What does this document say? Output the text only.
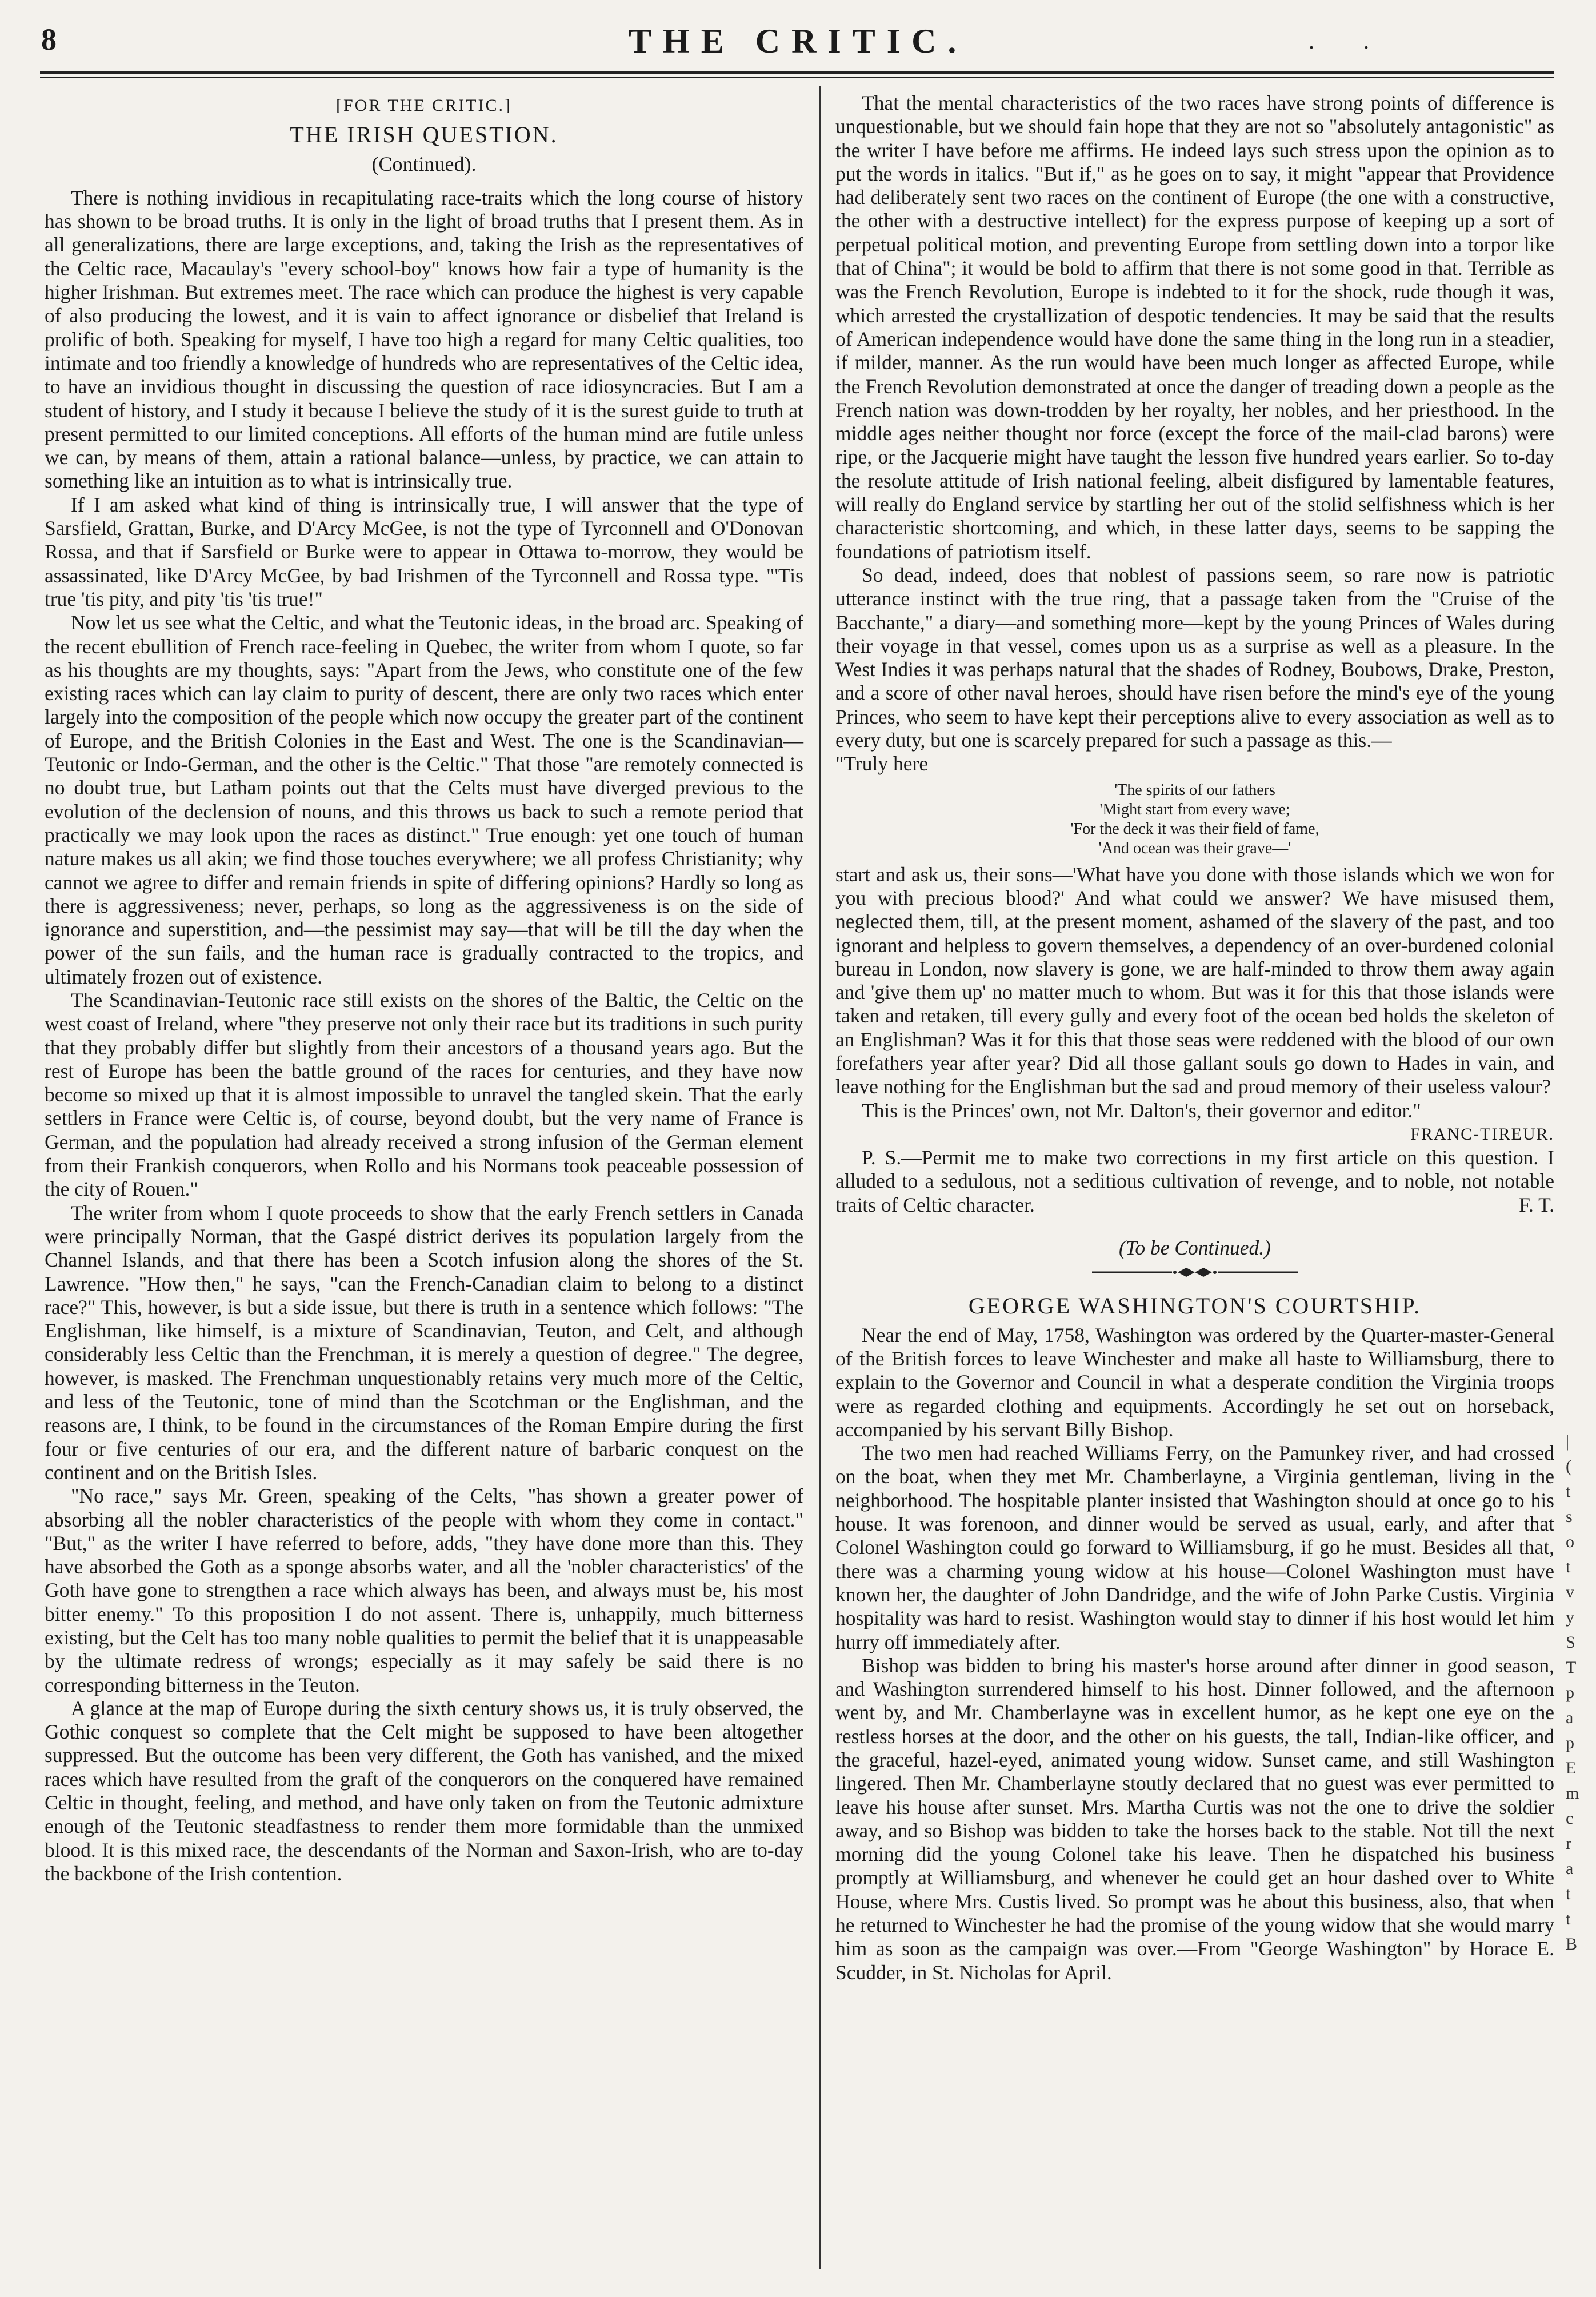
8	THE CRITIC.	. .
[FOR THE CRITIC.]
THE IRISH QUESTION.
(Continued).

There is nothing invidious in recapitulating race-traits which the long course of history has shown to be broad truths. It is only in the light of broad truths that I present them. As in all generalizations, there are large exceptions, and, taking the Irish as the representatives of the Celtic race, Macaulay's "every school-boy" knows how fair a type of humanity is the higher Irishman. But extremes meet. The race which can produce the highest is very capable of also producing the lowest, and it is vain to affect ignorance or disbelief that Ireland is prolific of both. Speaking for myself, I have too high a regard for many Celtic qualities, too intimate and too friendly a knowledge of hundreds who are representatives of the Celtic idea, to have an invidious thought in discussing the question of race idiosyncracies. But I am a student of history, and I study it because I believe the study of it is the surest guide to truth at present permitted to our limited conceptions. All efforts of the human mind are futile unless we can, by means of them, attain a rational balance—unless, by practice, we can attain to something like an intuition as to what is intrinsically true.

If I am asked what kind of thing is intrinsically true, I will answer that the type of Sarsfield, Grattan, Burke, and D'Arcy McGee, is not the type of Tyrconnell and O'Donovan Rossa, and that if Sarsfield or Burke were to appear in Ottawa to-morrow, they would be assassinated, like D'Arcy McGee, by bad Irishmen of the Tyrconnell and Rossa type. "'Tis true 'tis pity, and pity 'tis 'tis true!"

Now let us see what the Celtic, and what the Teutonic ideas, in the broad arc. Speaking of the recent ebullition of French race-feeling in Quebec, the writer from whom I quote, so far as his thoughts are my thoughts, says: "Apart from the Jews, who constitute one of the few existing races which can lay claim to purity of descent, there are only two races which enter largely into the composition of the people which now occupy the greater part of the continent of Europe, and the British Colonies in the East and West. The one is the Scandinavian—Teutonic or Indo-German, and the other is the Celtic." That those "are remotely connected is no doubt true, but Latham points out that the Celts must have diverged previous to the evolution of the declension of nouns, and this throws us back to such a remote period that practically we may look upon the races as distinct." True enough: yet one touch of human nature makes us all akin; we find those touches everywhere; we all profess Christianity; why cannot we agree to differ and remain friends in spite of differing opinions? Hardly so long as there is aggressiveness; never, perhaps, so long as the aggressiveness is on the side of ignorance and superstition, and—the pessimist may say—that will be till the day when the power of the sun fails, and the human race is gradually contracted to the tropics, and ultimately frozen out of existence.

The Scandinavian-Teutonic race still exists on the shores of the Baltic, the Celtic on the west coast of Ireland, where "they preserve not only their race but its traditions in such purity that they probably differ but slightly from their ancestors of a thousand years ago. But the rest of Europe has been the battle ground of the races for centuries, and they have now become so mixed up that it is almost impossible to unravel the tangled skein. That the early settlers in France were Celtic is, of course, beyond doubt, but the very name of France is German, and the population had already received a strong infusion of the German element from their Frankish conquerors, when Rollo and his Normans took peaceable possession of the city of Rouen."

The writer from whom I quote proceeds to show that the early French settlers in Canada were principally Norman, that the Gaspé district derives its population largely from the Channel Islands, and that there has been a Scotch infusion along the shores of the St. Lawrence. "How then," he says, "can the French-Canadian claim to belong to a distinct race?" This, however, is but a side issue, but there is truth in a sentence which follows: "The Englishman, like himself, is a mixture of Scandinavian, Teuton, and Celt, and although considerably less Celtic than the Frenchman, it is merely a question of degree." The degree, however, is masked. The Frenchman unquestionably retains very much more of the Celtic, and less of the Teutonic, tone of mind than the Scotchman or the Englishman, and the reasons are, I think, to be found in the circumstances of the Roman Empire during the first four or five centuries of our era, and the different nature of barbaric conquest on the continent and on the British Isles.

"No race," says Mr. Green, speaking of the Celts, "has shown a greater power of absorbing all the nobler characteristics of the people with whom they come in contact." "But," as the writer I have referred to before, adds, "they have done more than this. They have absorbed the Goth as a sponge absorbs water, and all the 'nobler characteristics' of the Goth have gone to strengthen a race which always has been, and always must be, his most bitter enemy." To this proposition I do not assent. There is, unhappily, much bitterness existing, but the Celt has too many noble qualities to permit the belief that it is unappeasable by the ultimate redress of wrongs; especially as it may safely be said there is no corresponding bitterness in the Teuton.

A glance at the map of Europe during the sixth century shows us, it is truly observed, the Gothic conquest so complete that the Celt might be supposed to have been altogether suppressed. But the outcome has been very different, the Goth has vanished, and the mixed races which have resulted from the graft of the conquerors on the conquered have remained Celtic in thought, feeling, and method, and have only taken on from the Teutonic admixture enough of the Teutonic steadfastness to render them more formidable than the unmixed blood. It is this mixed race, the descendants of the Norman and Saxon-Irish, who are to-day the backbone of the Irish contention.

That the mental characteristics of the two races have strong points of difference is unquestionable, but we should fain hope that they are not so "absolutely antagonistic" as the writer I have before me affirms. He indeed lays such stress upon the opinion as to put the words in italics. "But if," as he goes on to say, it might "appear that Providence had deliberately sent two races on the continent of Europe (the one with a constructive, the other with a destructive intellect) for the express purpose of keeping up a sort of perpetual political motion, and preventing Europe from settling down into a torpor like that of China"; it would be bold to affirm that there is not some good in that. Terrible as was the French Revolution, Europe is indebted to it for the shock, rude though it was, which arrested the crystallization of despotic tendencies. It may be said that the results of American independence would have done the same thing in the long run in a steadier, if milder, manner. As the run would have been much longer as affected Europe, while the French Revolution demonstrated at once the danger of treading down a people as the French nation was down-trodden by her royalty, her nobles, and her priesthood. In the middle ages neither thought nor force (except the force of the mail-clad barons) were ripe, or the Jacquerie might have taught the lesson five hundred years earlier. So to-day the resolute attitude of Irish national feeling, albeit disfigured by lamentable features, will really do England service by startling her out of the stolid selfishness which is her characteristic shortcoming, and which, in these latter days, seems to be sapping the foundations of patriotism itself.

So dead, indeed, does that noblest of passions seem, so rare now is patriotic utterance instinct with the true ring, that a passage taken from the "Cruise of the Bacchante," a diary—and something more—kept by the young Princes of Wales during their voyage in that vessel, comes upon us as a surprise as well as a pleasure. In the West Indies it was perhaps natural that the shades of Rodney, Boubows, Drake, Preston, and a score of other naval heroes, should have risen before the mind's eye of the young Princes, who seem to have kept their perceptions alive to every association as well as to every duty, but one is scarcely prepared for such a passage as this.—

"Truly here

'The spirits of our fathers
'Might start from every wave;
'For the deck it was their field of fame,
'And ocean was their grave—'

start and ask us, their sons—'What have you done with those islands which we won for you with precious blood?' And what could we answer? We have misused them, neglected them, till, at the present moment, ashamed of the slavery of the past, and too ignorant and helpless to govern themselves, a dependency of an over-burdened colonial bureau in London, now slavery is gone, we are half-minded to throw them away again and 'give them up' no matter much to whom. But was it for this that those islands were taken and retaken, till every gully and every foot of the ocean bed holds the skeleton of an Englishman? Was it for this that those seas were reddened with the blood of our own forefathers year after year? Did all those gallant souls go down to Hades in vain, and leave nothing for the Englishman but the sad and proud memory of their useless valour?

This is the Princes' own, not Mr. Dalton's, their governor and editor."

FRANC-TIREUR.

P. S.—Permit me to make two corrections in my first article on this question. I alluded to a sedulous, not a seditious cultivation of revenge, and to noble, not notable traits of Celtic character.	F. T.

(To be Continued.)
GEORGE WASHINGTON'S COURTSHIP.

Near the end of May, 1758, Washington was ordered by the Quarter-master-General of the British forces to leave Winchester and make all haste to Williamsburg, there to explain to the Governor and Council in what a desperate condition the Virginia troops were as regarded clothing and equipments. Accordingly he set out on horseback, accompanied by his servant Billy Bishop.

The two men had reached Williams Ferry, on the Pamunkey river, and had crossed on the boat, when they met Mr. Chamberlayne, a Virginia gentleman, living in the neighborhood. The hospitable planter insisted that Washington should at once go to his house. It was forenoon, and dinner would be served as usual, early, and after that Colonel Washington could go forward to Williamsburg, if go he must. Besides all that, there was a charming young widow at his house—Colonel Washington must have known her, the daughter of John Dandridge, and the wife of John Parke Custis. Virginia hospitality was hard to resist. Washington would stay to dinner if his host would let him hurry off immediately after.

Bishop was bidden to bring his master's horse around after dinner in good season, and Washington surrendered himself to his host. Dinner followed, and the afternoon went by, and Mr. Chamberlayne was in excellent humor, as he kept one eye on the restless horses at the door, and the other on his guests, the tall, Indian-like officer, and the graceful, hazel-eyed, animated young widow. Sunset came, and still Washington lingered. Then Mr. Chamberlayne stoutly declared that no guest was ever permitted to leave his house after sunset. Mrs. Martha Curtis was not the one to drive the soldier away, and so Bishop was bidden to take the horses back to the stable. Not till the next morning did the young Colonel take his leave. Then he dispatched his business promptly at Williamsburg, and whenever he could get an hour dashed over to White House, where Mrs. Custis lived. So prompt was he about this business, also, that when he returned to Winchester he had the promise of the young widow that she would marry him as soon as the campaign was over.—From "George Washington" by Horace E. Scudder, in St. Nicholas for April.

|
(
t
s
o
t
v
y
S
T
p
a
p
E
m
c
r
a
t
t
B
